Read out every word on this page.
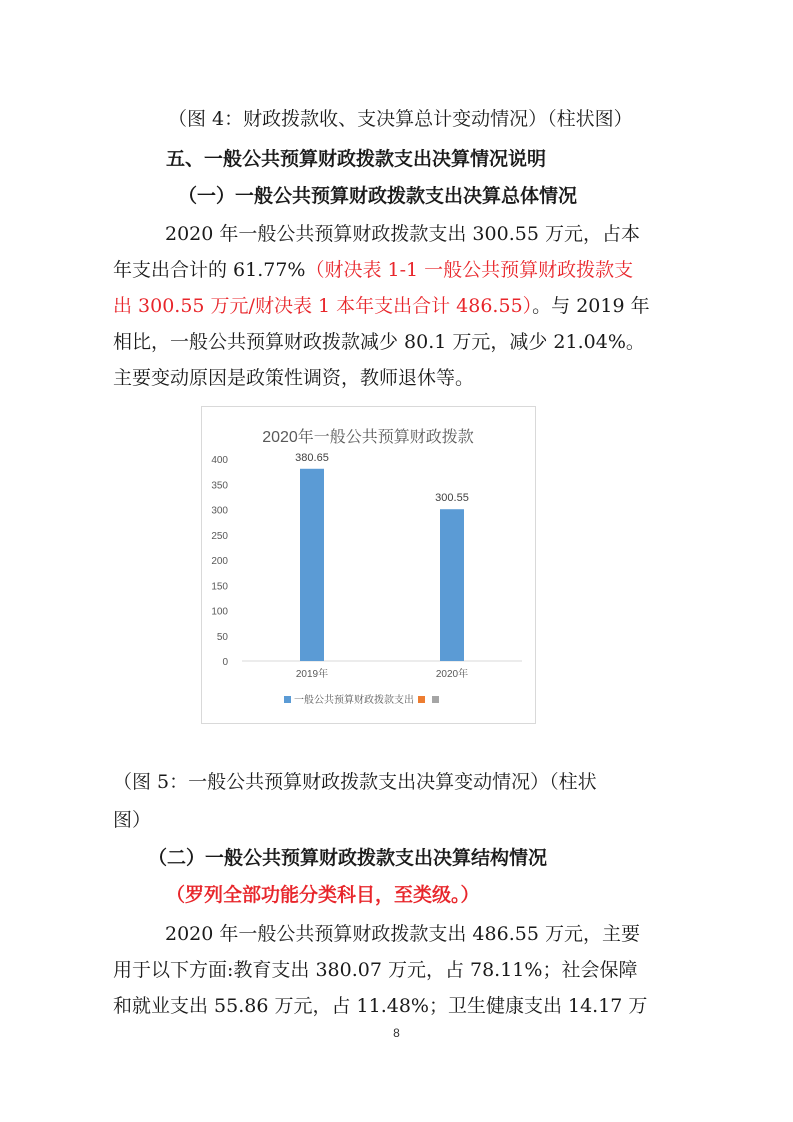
（图 4：财政拨款收、支决算总计变动情况）（柱状图）
五、一般公共预算财政拨款支出决算情况说明
（一）一般公共预算财政拨款支出决算总体情况
2020 年一般公共预算财政拨款支出 300.55 万元，占本
年支出合计的 61.77%（财决表 1-1 一般公共预算财政拨款支
出 300.55 万元/财决表 1 本年支出合计 486.55）。与 2019 年
相比，一般公共预算财政拨款减少 80.1 万元，减少 21.04%。
主要变动原因是政策性调资，教师退休等。
2020年一般公共预算财政拨款
0
50
100
150
200
250
300
350
400	380.65
2019年
300.55
2020年
一般公共预算财政拨款支出
（图 5：一般公共预算财政拨款支出决算变动情况）（柱状
图）
（二）一般公共预算财政拨款支出决算结构情况
（罗列全部功能分类科目，至类级。）
2020 年一般公共预算财政拨款支出 486.55 万元，主要
用于以下方面:教育支出 380.07 万元，占 78.11%；社会保障
和就业支出 55.86 万元，占 11.48%；卫生健康支出 14.17 万
8
